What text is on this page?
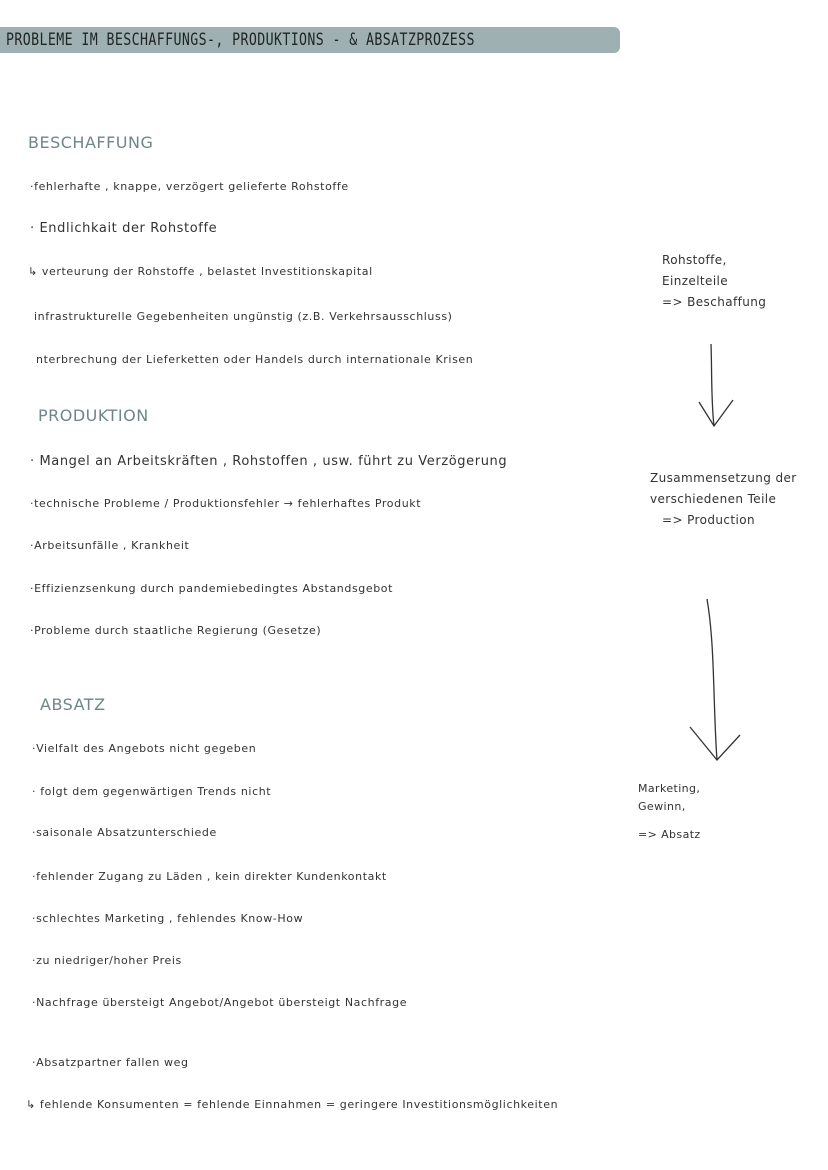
PROBLEME IM BESCHAFFUNGS-, PRODUKTIONS - & ABSATZPROZESS
BESCHAFFUNG
·fehlerhafte , knappe, verzögert gelieferte Rohstoffe
· Endlichkait der Rohstoffe
↳ verteurung der Rohstoffe , belastet Investitionskapital
infrastrukturelle Gegebenheiten ungünstig (z.B. Verkehrsausschluss)
nterbrechung der Lieferketten oder Handels durch internationale Krisen
PRODUKTION
· Mangel an Arbeitskräften , Rohstoffen , usw. führt zu Verzögerung
·technische Probleme / Produktionsfehler → fehlerhaftes Produkt
·Arbeitsunfälle , Krankheit
·Effizienzsenkung durch pandemiebedingtes Abstandsgebot
·Probleme durch staatliche Regierung (Gesetze)
ABSATZ
·Vielfalt des Angebots nicht gegeben
· folgt dem gegenwärtigen Trends nicht
·saisonale Absatzunterschiede
·fehlender Zugang zu Läden , kein direkter Kundenkontakt
·schlechtes Marketing , fehlendes Know-How
·zu niedriger/hoher Preis
·Nachfrage übersteigt Angebot/Angebot übersteigt Nachfrage
·Absatzpartner fallen weg
↳ fehlende Konsumenten = fehlende Einnahmen = geringere Investitionsmöglichkeiten
Rohstoffe,
Einzelteile
=> Beschaffung
Zusammensetzung der
verschiedenen Teile
=> Production
Marketing,
Gewinn,
=> Absatz
